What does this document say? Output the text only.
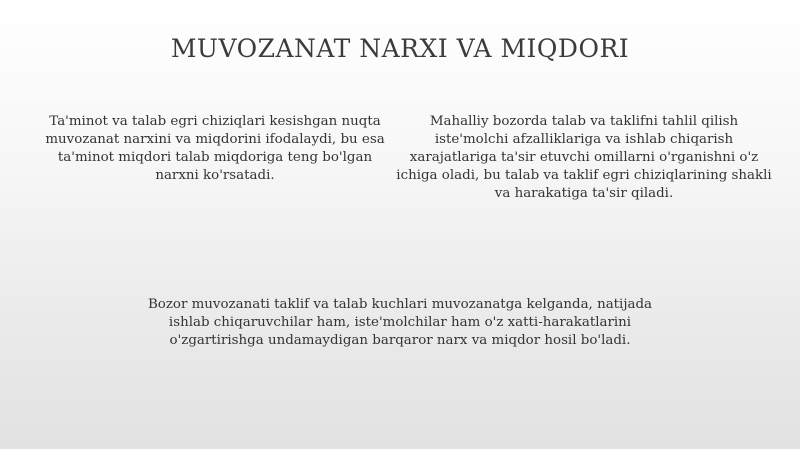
MUVOZANAT NARXI VA MIQDORI
Ta'minot va talab egri chiziqlari kesishgan nuqta muvozanat narxini va miqdorini ifodalaydi, bu esa ta'minot miqdori talab miqdoriga teng bo'lgan narxni ko'rsatadi.
Mahalliy bozorda talab va taklifni tahlil qilish iste'molchi afzalliklariga va ishlab chiqarish xarajatlariga ta'sir etuvchi omillarni o'rganishni o'z ichiga oladi, bu talab va taklif egri chiziqlarining shakli va harakatiga ta'sir qiladi.
Bozor muvozanati taklif va talab kuchlari muvozanatga kelganda, natijada ishlab chiqaruvchilar ham, iste'molchilar ham o'z xatti-harakatlarini o'zgartirishga undamaydigan barqaror narx va miqdor hosil bo'ladi.
